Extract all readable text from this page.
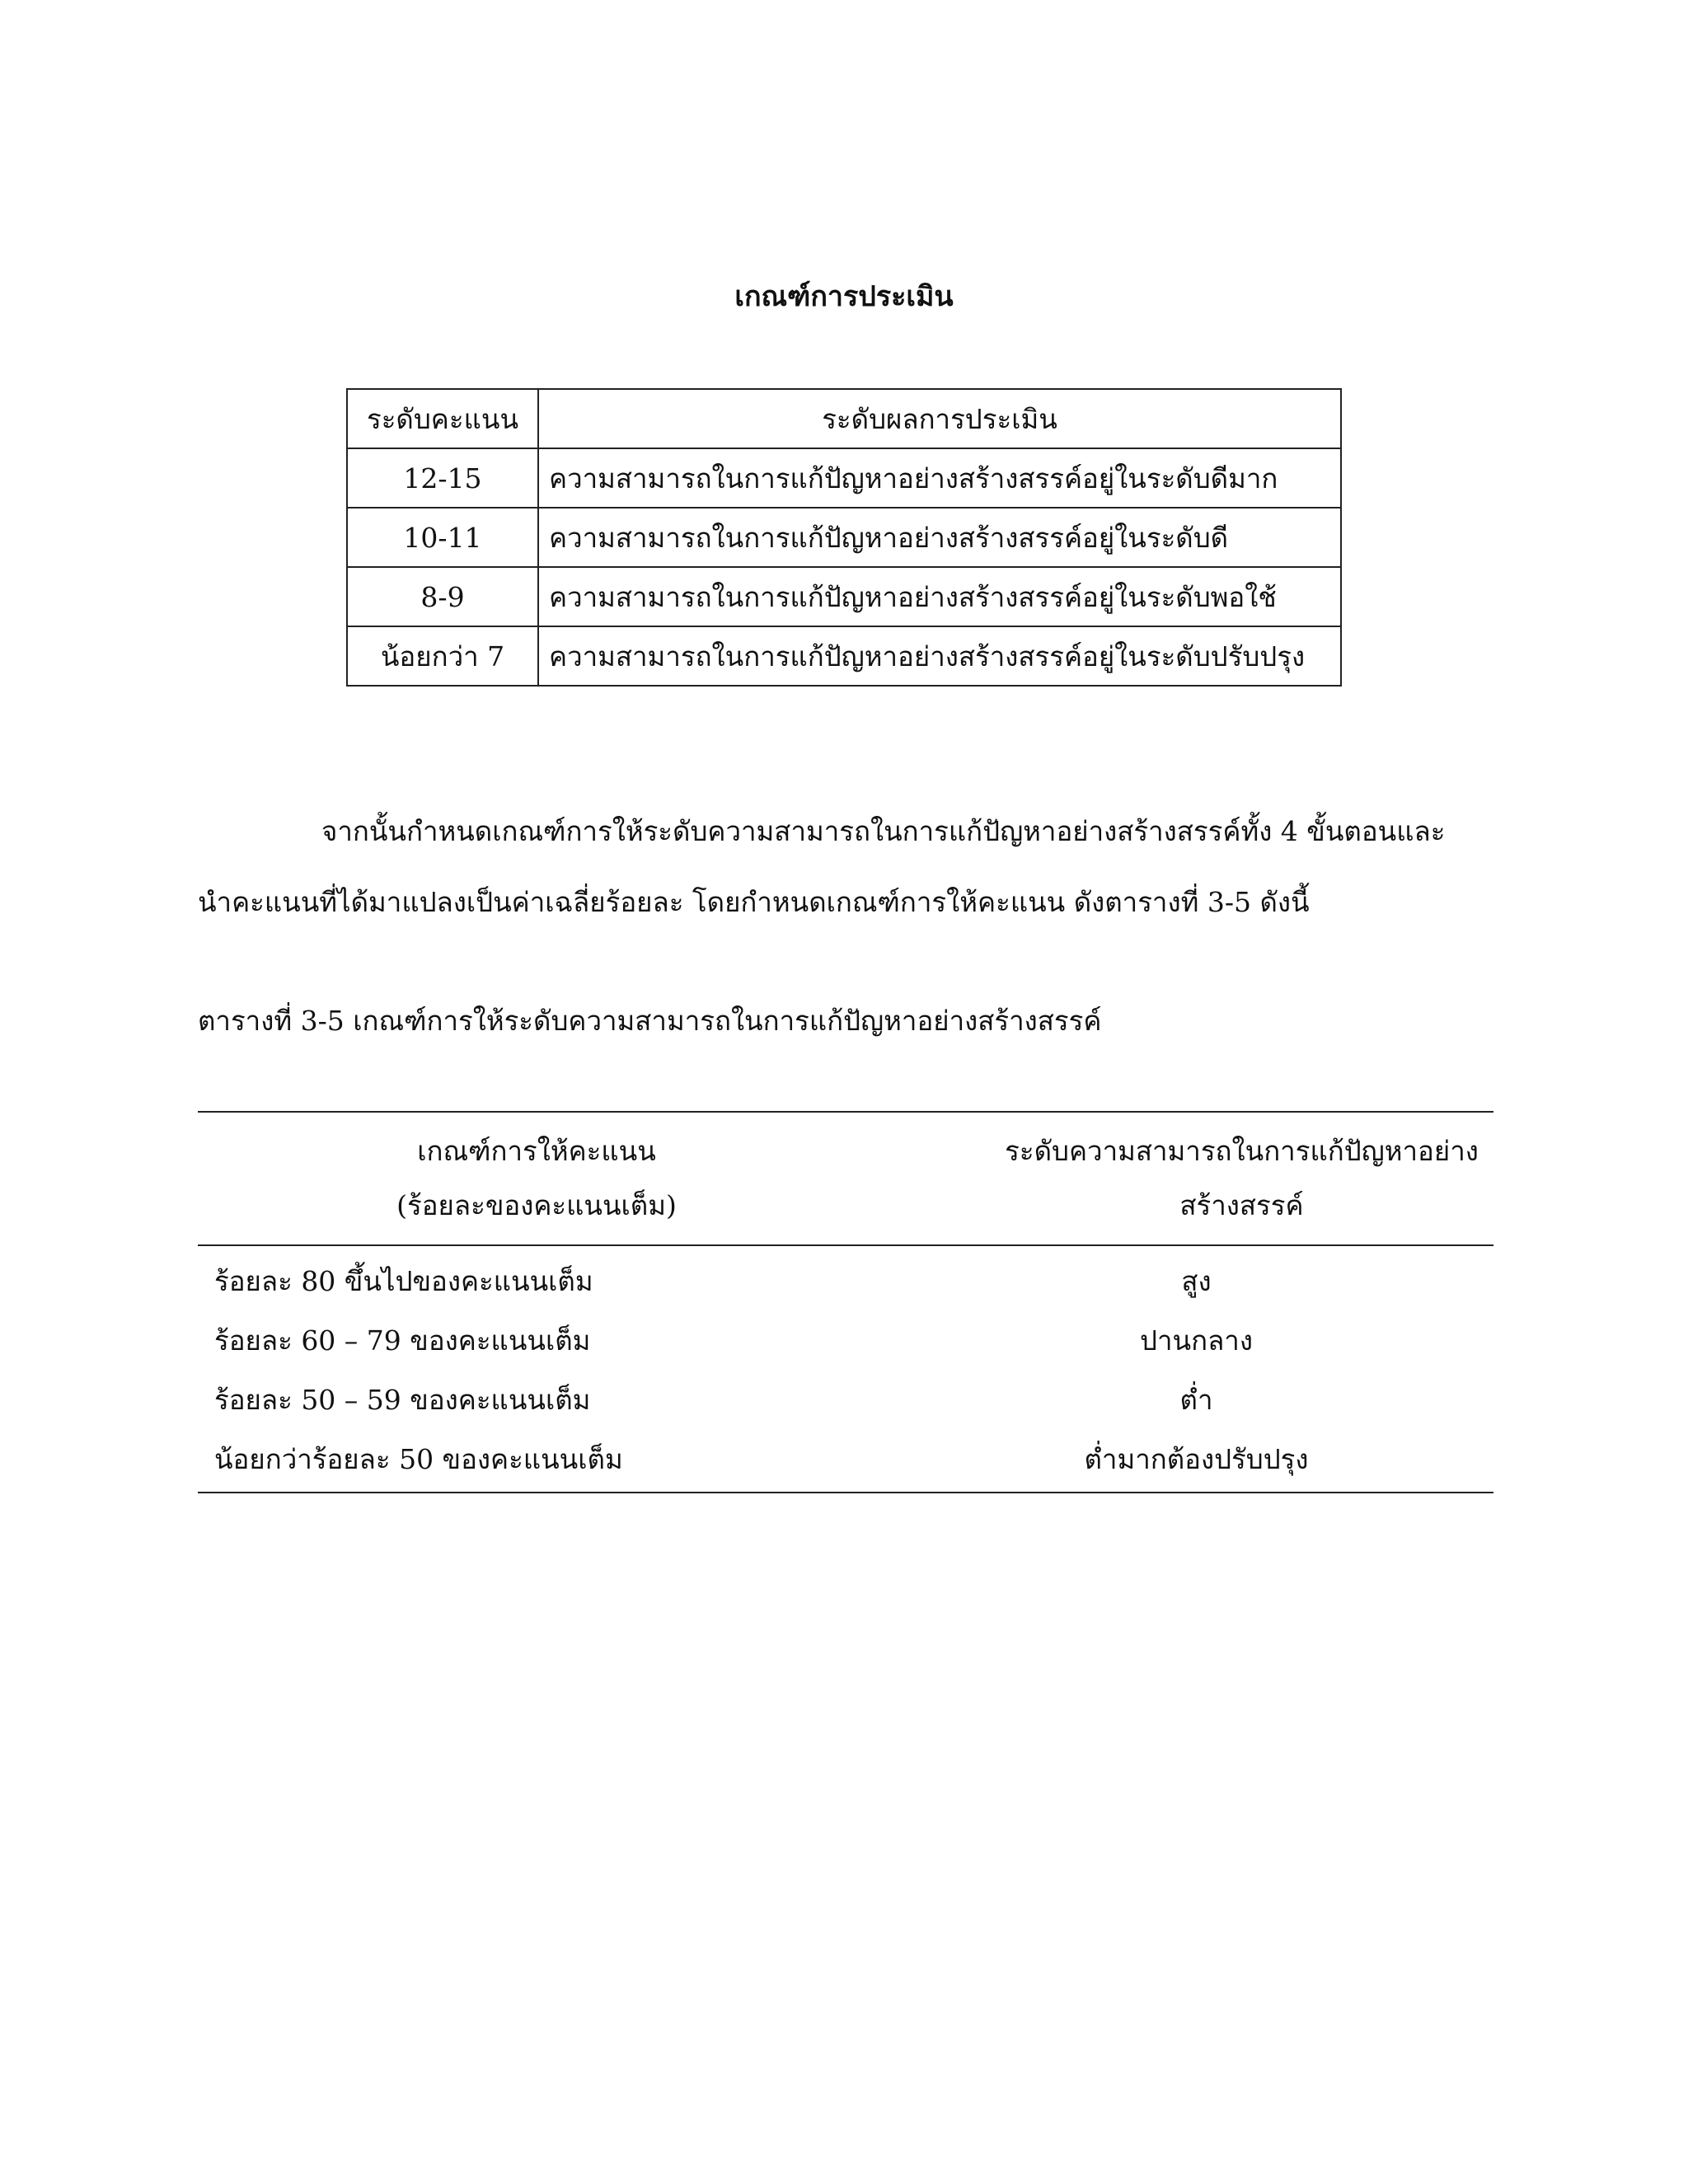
เกณฑ์การประเมิน
ระดับคะแนน	ระดับผลการประเมิน
12-15	ความสามารถในการแก้ปัญหาอย่างสร้างสรรค์อยู่ในระดับดีมาก
10-11	ความสามารถในการแก้ปัญหาอย่างสร้างสรรค์อยู่ในระดับดี
8-9	ความสามารถในการแก้ปัญหาอย่างสร้างสรรค์อยู่ในระดับพอใช้
น้อยกว่า 7	ความสามารถในการแก้ปัญหาอย่างสร้างสรรค์อยู่ในระดับปรับปรุง

จากนั้นกำหนดเกณฑ์การให้ระดับความสามารถในการแก้ปัญหาอย่างสร้างสรรค์ทั้ง 4 ขั้นตอนและ
นำคะแนนที่ได้มาแปลงเป็นค่าเฉลี่ยร้อยละ โดยกำหนดเกณฑ์การให้คะแนน ดังตารางที่ 3-5 ดังนี้

ตารางที่ 3-5 เกณฑ์การให้ระดับความสามารถในการแก้ปัญหาอย่างสร้างสรรค์
เกณฑ์การให้คะแนน
(ร้อยละของคะแนนเต็ม)	ระดับความสามารถในการแก้ปัญหาอย่างสร้างสรรค์
ร้อยละ 80 ขึ้นไปของคะแนนเต็ม	สูง
ร้อยละ 60 – 79 ของคะแนนเต็ม	ปานกลาง
ร้อยละ 50 – 59 ของคะแนนเต็ม	ต่ำ
น้อยกว่าร้อยละ 50 ของคะแนนเต็ม	ต่ำมากต้องปรับปรุง
